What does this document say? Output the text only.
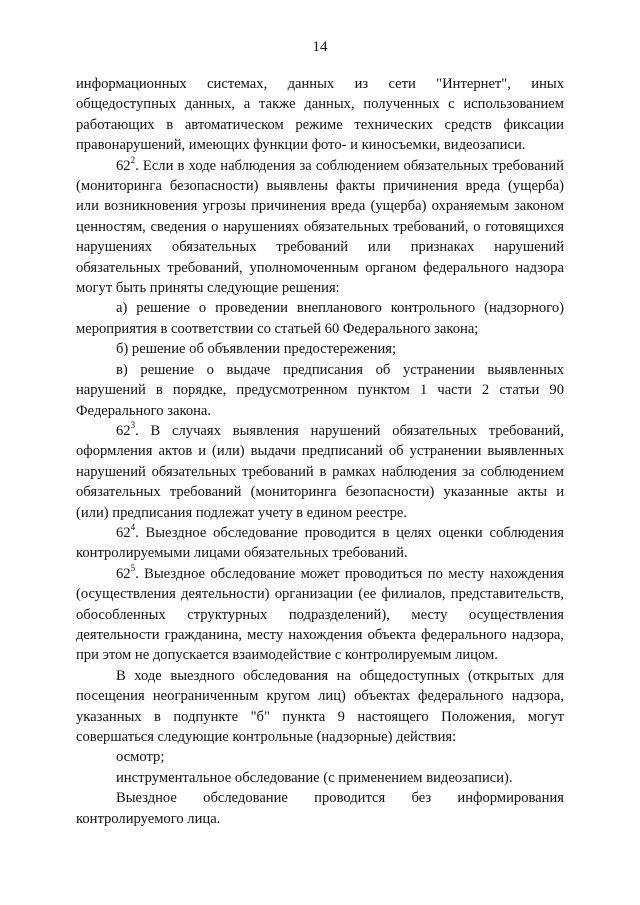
14

информационных системах, данных из сети "Интернет", иных общедоступных данных, а также данных, полученных с использованием работающих в автоматическом режиме технических средств фиксации правонарушений, имеющих функции фото- и киносъемки, видеозаписи.

$62^2$. Если в ходе наблюдения за соблюдением обязательных требований (мониторинга безопасности) выявлены факты причинения вреда (ущерба) или возникновения угрозы причинения вреда (ущерба) охраняемым законом ценностям, сведения о нарушениях обязательных требований, о готовящихся нарушениях обязательных требований или признаках нарушений обязательных требований, уполномоченным органом федерального надзора могут быть приняты следующие решения:

а) решение о проведении внепланового контрольного (надзорного) мероприятия в соответствии со статьей 60 Федерального закона;

б) решение об объявлении предостережения;

в) решение о выдаче предписания об устранении выявленных нарушений в порядке, предусмотренном пунктом 1 части 2 статьи 90 Федерального закона.

$62^3$. В случаях выявления нарушений обязательных требований, оформления актов и (или) выдачи предписаний об устранении выявленных нарушений обязательных требований в рамках наблюдения за соблюдением обязательных требований (мониторинга безопасности) указанные акты и (или) предписания подлежат учету в едином реестре.

$62^4$. Выездное обследование проводится в целях оценки соблюдения контролируемыми лицами обязательных требований.

$62^5$. Выездное обследование может проводиться по месту нахождения (осуществления деятельности) организации (ее филиалов, представительств, обособленных структурных подразделений), месту осуществления деятельности гражданина, месту нахождения объекта федерального надзора, при этом не допускается взаимодействие с контролируемым лицом.

В ходе выездного обследования на общедоступных (открытых для посещения неограниченным кругом лиц) объектах федерального надзора, указанных в подпункте "б" пункта 9 настоящего Положения, могут совершаться следующие контрольные (надзорные) действия:

осмотр;

инструментальное обследование (с применением видеозаписи).

Выездное обследование проводится без информирования контролируемого лица.
